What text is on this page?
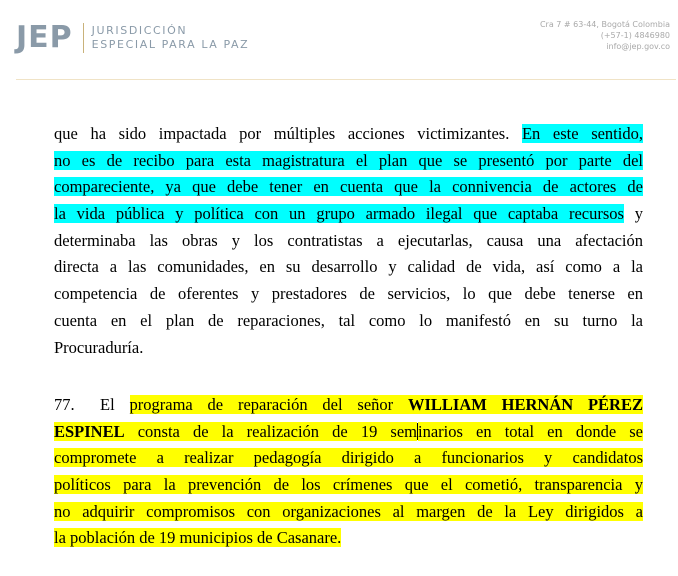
JEP JURISDICCIÓN
ESPECIAL PARA LA PAZ
Cra 7 # 63-44, Bogotá Colombia
(+57-1) 4846980
info@jep.gov.co
que ha sido impactada por múltiples acciones victimizantes. En este sentido,
no es de recibo para esta magistratura el plan que se presentó por parte del
compareciente, ya que debe tener en cuenta que la connivencia de actores de
la vida pública y política con un grupo armado ilegal que captaba recursos y
determinaba las obras y los contratistas a ejecutarlas, causa una afectación
directa a las comunidades, en su desarrollo y calidad de vida, así como a la
competencia de oferentes y prestadores de servicios, lo que debe tenerse en
cuenta en el plan de reparaciones, tal como lo manifestó en su turno la
Procuraduría.
77. El programa de reparación del señor WILLIAM HERNÁN PÉREZ
ESPINEL consta de la realización de 19 seminarios en total en donde se
compromete a realizar pedagogía dirigido a funcionarios y candidatos
políticos para la prevención de los crímenes que el cometió, transparencia y
no adquirir compromisos con organizaciones al margen de la Ley dirigidos a
la población de 19 municipios de Casanare.
